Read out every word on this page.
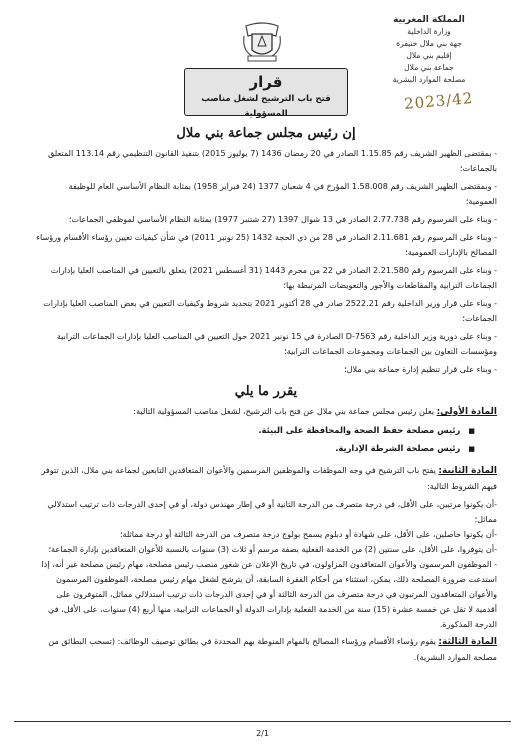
المملكة المغربية
وزارة الداخلية
جهة بني ملال خنيفرة
إقليم بني ملال
جماعة بني ملال
مصلحة الموارد البشرية
2023/42
قرار
فتح باب الترشيح لشغل مناصب المسؤولية
إن رئيس مجلس جماعة بني ملال

- بمقتضى الظهير الشريف رقم 1.15.85 الصادر في 20 رمضان 1436 (7 يوليوز 2015) بتنفيذ القانون التنظيمي رقم 113.14 المتعلق بالجماعات؛

- وبمقتضى الظهير الشريف رقم 1.58.008 المؤرخ في 4 شعبان 1377 (24 فبراير 1958) بمثابة النظام الأساسي العام للوظيفة العمومية؛

- وبناء على المرسوم رقم 2.77.738 الصادر في 13 شوال 1397 (27 شتنبر 1977) بمثابة النظام الأساسي لموظفي الجماعات؛

- وبناء على المرسوم رقم 2.11.681 الصادر في 28 من ذي الحجة 1432 (25 نونبر 2011) في شأن كيفيات تعيين رؤساء الأقسام ورؤساء المصالح بالإدارات العمومية؛

- وبناء على المرسوم رقم 2.21.580 الصادر في 22 من محرم 1443 (31 أغسطس 2021) يتعلق بالتعيين في المناصب العليا بإدارات الجماعات الترابية والمقاطعات والأجور والتعويضات المرتبطة بها؛

- وبناء على قرار وزير الداخلية رقم 2522.21 صادر في 28 أكتوبر 2021 بتحديد شروط وكيفيات التعيين في بعض المناصب العليا بإدارات الجماعات؛

- وبناء على دورية وزير الداخلية رقم D-7563 الصادرة في 15 نونبر 2021 حول التعيين في المناصب العليا بإدارات الجماعات الترابية ومؤسسات التعاون بين الجماعات ومجموعات الجماعات الترابية؛

- وبناء على قرار تنظيم إدارة جماعة بني ملال؛

يقرر ما يلي

المادة الأولى: يعلن رئيس مجلس جماعة بني ملال عن فتح باب الترشيح، لشغل مناصب المسؤولية التالية:

■ رئيس مصلحة حفظ الصحة والمحافظة على البيئة.
■ رئيس مصلحة الشرطة الإدارية.

المادة الثانية: يفتح باب الترشيح في وجه الموظفات والموظفين المرسمين والأعوان المتعاقدين التابعين لجماعة بني ملال، الذين تتوفر فيهم الشروط التالية:

-أن يكونوا مرتبين، على الأقل، في درجة متصرف من الدرجة الثانية أو في إطار مهندس دولة، أو في إحدى الدرجات ذات ترتيب استدلالي مماثل؛

-أن يكونوا حاصلين، على الأقل، على شهادة أو دبلوم يسمح بولوج درجة متصرف من الدرجة الثالثة أو درجة مماثلة؛

-أن يتوفروا، على الأقل، على سنتين (2) من الخدمة الفعلية بصفة مرسم أو ثلاث (3) سنوات بالنسبة للأعوان المتعاقدين بإدارة الجماعة؛

- الموظفون المرسمون والأعوان المتعاقدون المزاولون، في تاريخ الإعلان عن شغور منصب رئيس مصلحة، مهام رئيس مصلحة غير أنه، إذا استدعت ضرورة المصلحة ذلك، يمكن، استثناء من أحكام الفقرة السابقة، أن يترشح لشغل مهام رئيس مصلحة، الموظفون المرسمون والأعوان المتعاقدون المرتبون في درجة متصرف من الدرجة الثالثة أو في إحدى الدرجات ذات ترتيب استدلالي مماثل، المتوفرون على أقدمية لا تقل عن خمسة عشرة (15) سنة من الخدمة الفعلية بإدارات الدولة أو الجماعات الترابية، منها أربع (4) سنوات، على الأقل، في الدرجة المذكورة.

المادة الثالثة: يقوم رؤساء الأقسام ورؤساء المصالح بالمهام المنوطة بهم المحددة في بطائق توصيف الوظائف: (تسحب البطائق من مصلحة الموارد البشرية).

2/1
